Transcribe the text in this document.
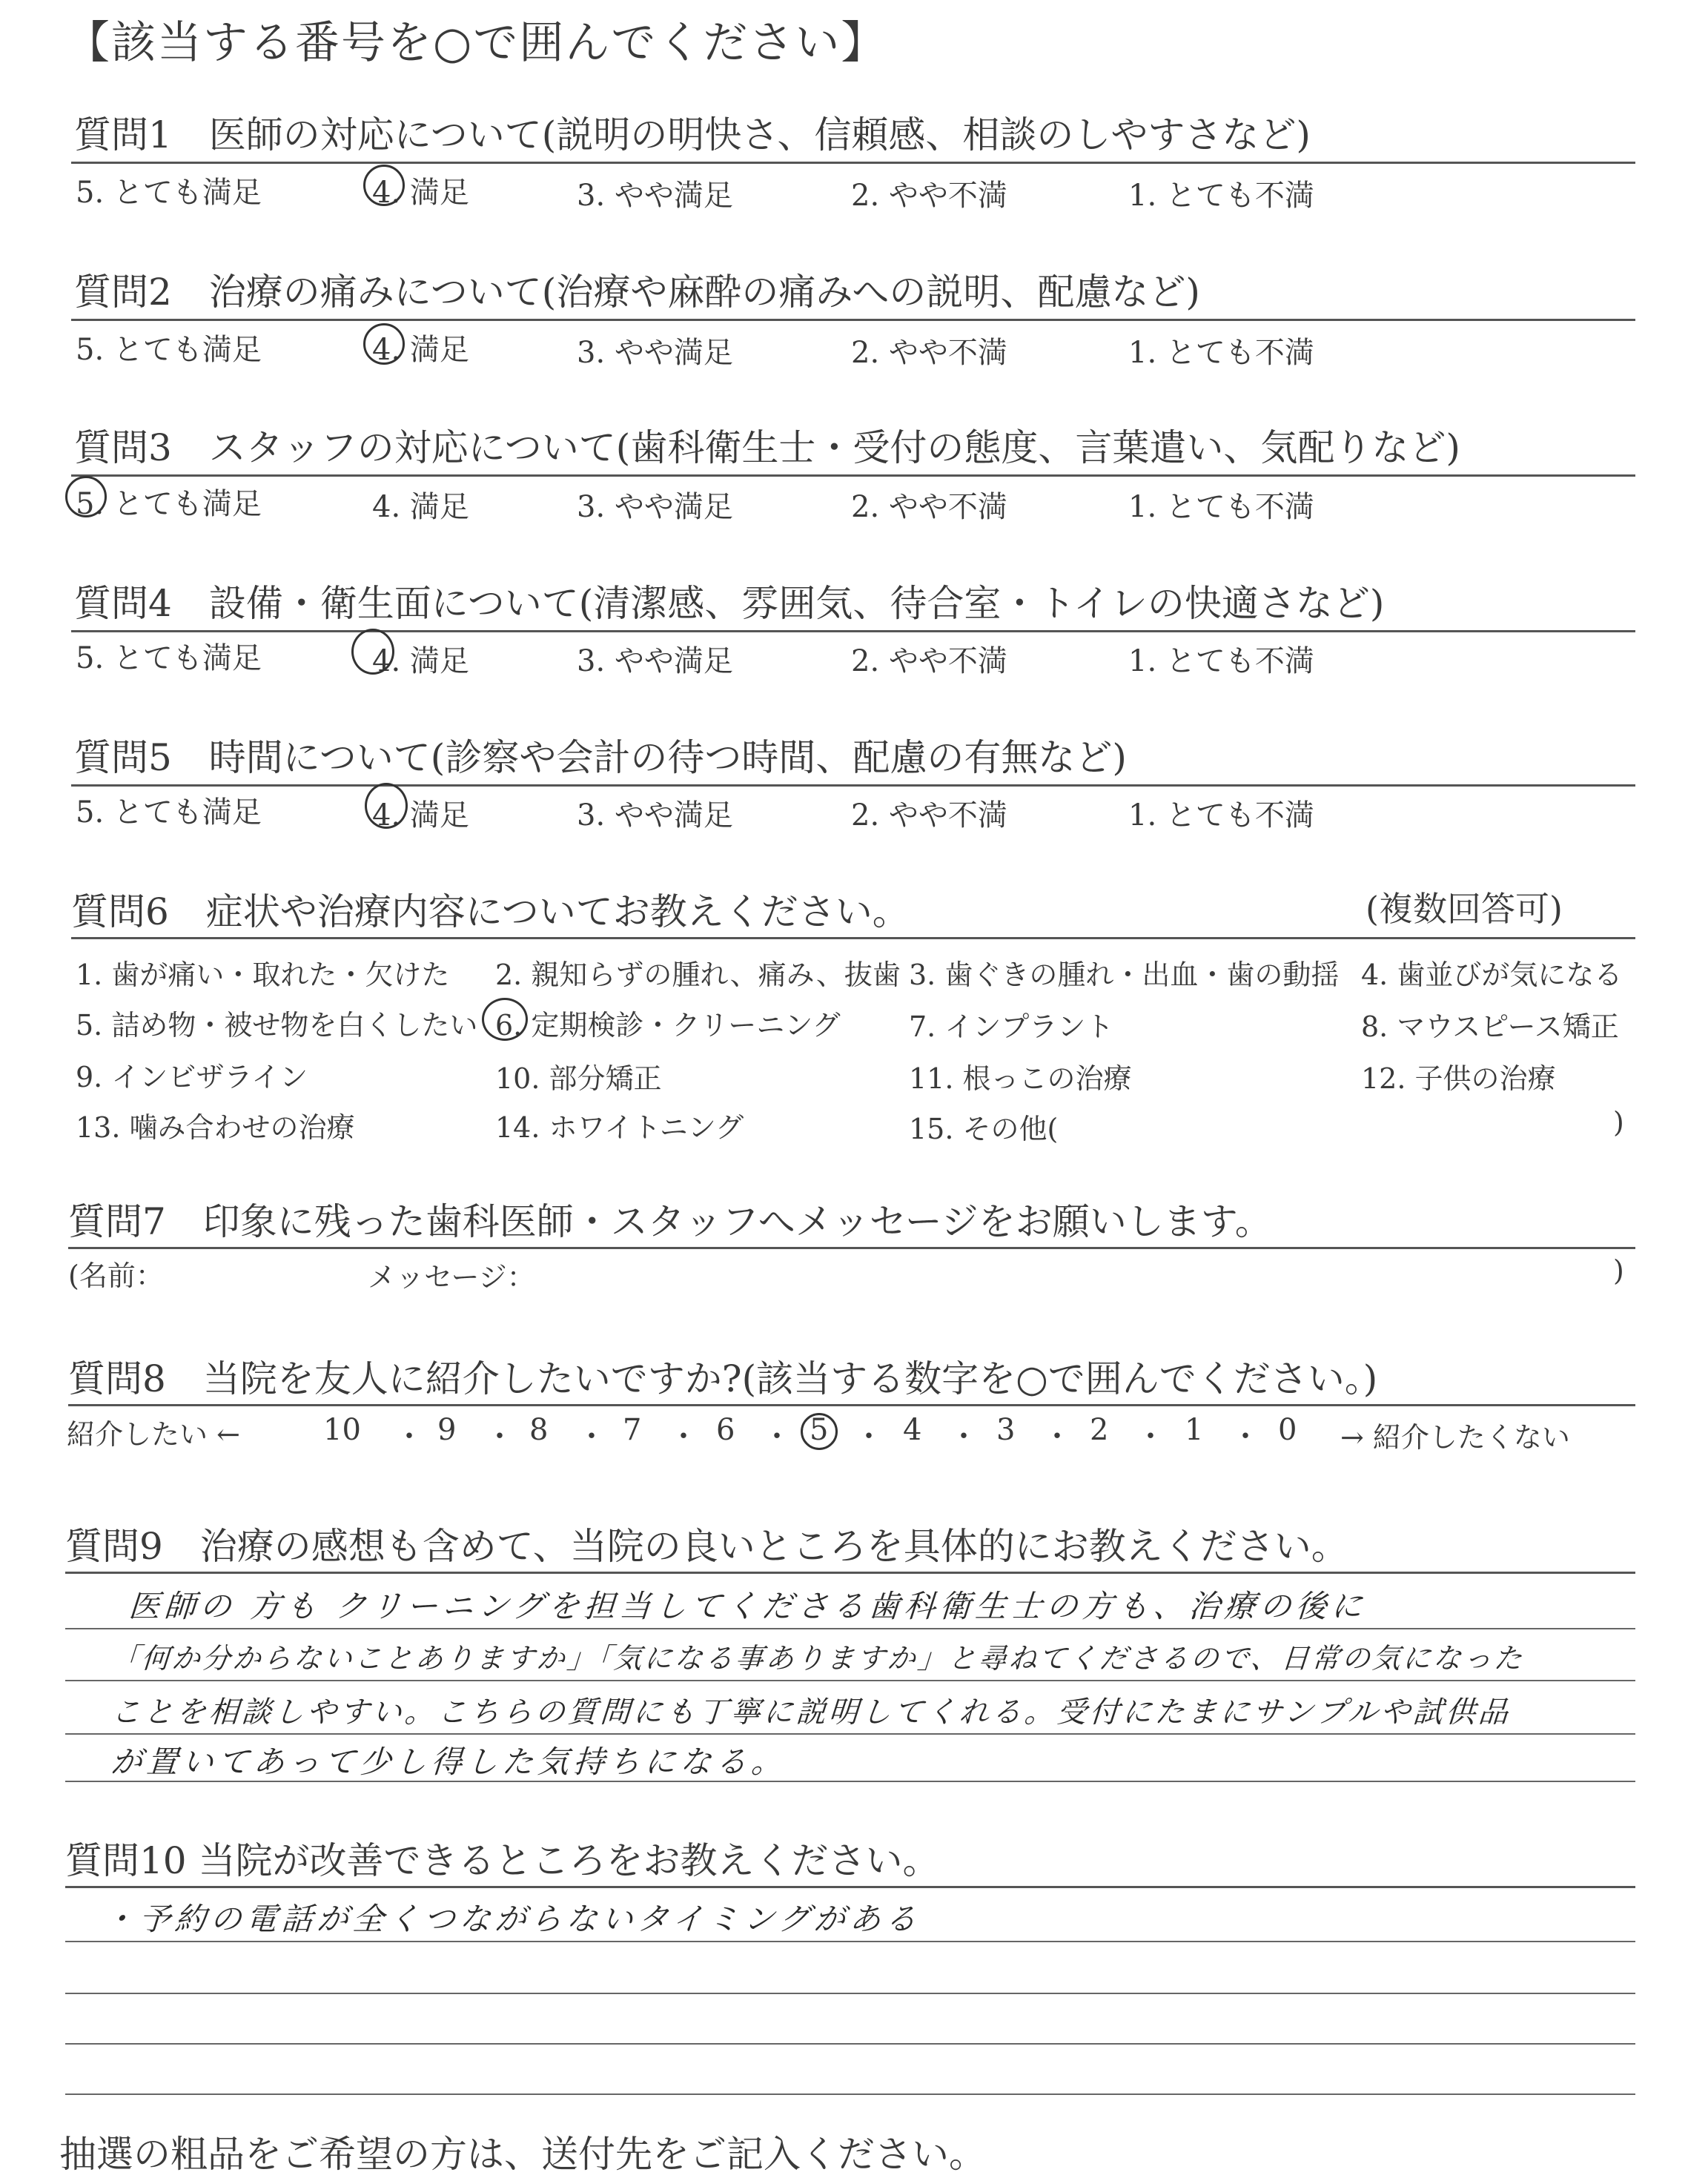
【該当する番号を○で囲んでください】
質問1　医師の対応について(説明の明快さ、信頼感、相談のしやすさなど)
5. とても満足	4. 満足	3. やや満足	2. やや不満	1. とても不満
質問2　治療の痛みについて(治療や麻酔の痛みへの説明、配慮など)
5. とても満足	4. 満足	3. やや満足	2. やや不満	1. とても不満
質問3　スタッフの対応について(歯科衛生士・受付の態度、言葉遣い、気配りなど)
5. とても満足	4. 満足	3. やや満足	2. やや不満	1. とても不満
質問4　設備・衛生面について(清潔感、雰囲気、待合室・トイレの快適さなど)
5. とても満足	4. 満足	3. やや満足	2. やや不満	1. とても不満
質問5　時間について(診察や会計の待つ時間、配慮の有無など)
5. とても満足	4. 満足	3. やや満足	2. やや不満	1. とても不満
質問6　症状や治療内容についてお教えください。	(複数回答可)
1. 歯が痛い・取れた・欠けた 2. 親知らずの腫れ、痛み、抜歯 3. 歯ぐきの腫れ・出血・歯の動揺 4. 歯並びが気になる
5. 詰め物・被せ物を白くしたい 6. 定期検診・クリーニング 7. インプラント	8. マウスピース矯正
9. インビザライン	10. 部分矯正	11. 根っこの治療	12. 子供の治療
13. 噛み合わせの治療	14. ホワイトニング	15. その他(	)
質問7　印象に残った歯科医師・スタッフへメッセージをお願いします。
(名前：	メッセージ：	)
質問8　当院を友人に紹介したいですか?(該当する数字を○で囲んでください。)
紹介したい ←	→ 紹介したくない
10 ・ 9 ・ 8 ・ 7 ・ 6 ・ 5 ・ 4 ・ 3 ・ 2 ・ 1 ・ 0
質問9　治療の感想も含めて、当院の良いところを具体的にお教えください。
医師の 方も クリーニングを担当してくださる歯科衛生士の方も、治療の後に
「何か分からないことありますか」「気になる事ありますか」と尋ねてくださるので、日常の気になった
ことを相談しやすい。こちらの質問にも丁寧に説明してくれる。受付にたまにサンプルや試供品
が置いてあって少し得した気持ちになる。
質問10 当院が改善できるところをお教えください。
・予約の電話が全くつながらないタイミングがある
抽選の粗品をご希望の方は、送付先をご記入ください。
